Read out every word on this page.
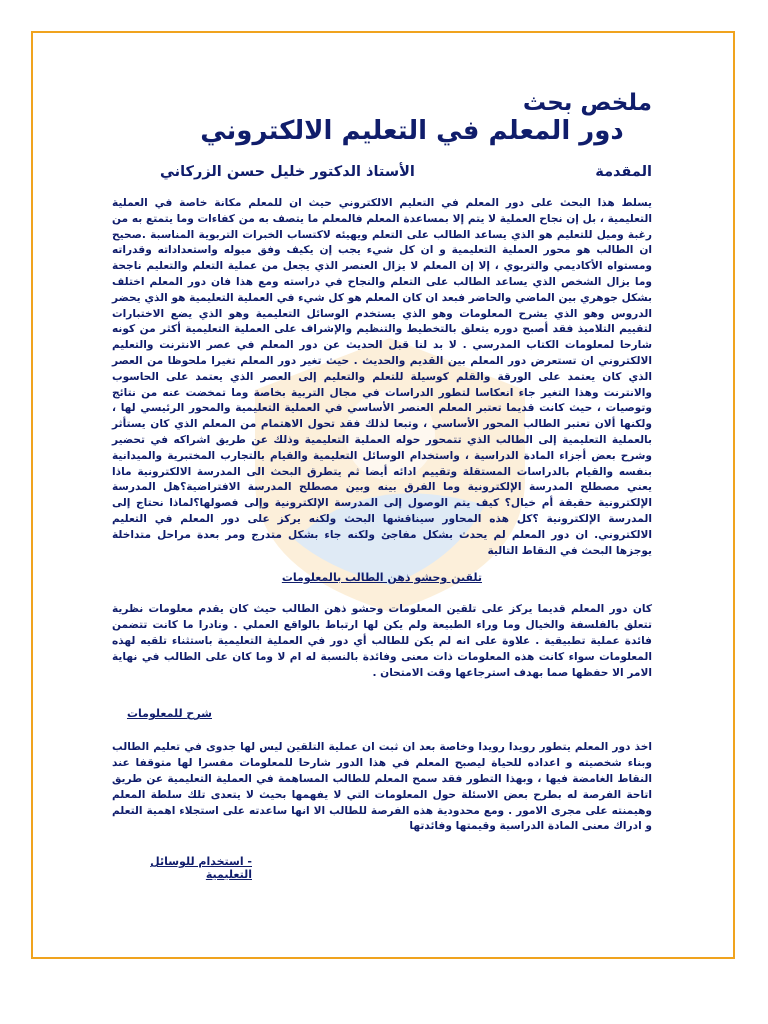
ملخص بحث
دور المعلم في التعليم الالكتروني
المقدمة
الأستاذ الدكتور خليل حسن الزركاني

يسلط هذا البحث على دور المعلم في التعليم الالكتروني حيث ان للمعلم مكانة خاصة في العملية التعليمية ، بل إن نجاح العملية لا يتم إلا بمساعدة المعلم فالمعلم ما يتصف به من كفاءات وما يتمتع به من رغبة وميل للتعليم هو الذي يساعد الطالب على التعلم ويهيئه لاكتساب الخبرات التربوية المناسبة .صحيح ان الطالب هو محور العملية التعليمية و ان كل شيء يجب إن يكيف وفق ميوله واستعداداته وقدراته ومستواه الأكاديمي والتربوي ، إلا إن المعلم لا يزال العنصر الذي يجعل من عملية التعلم والتعليم ناجحة وما يزال الشخص الذي يساعد الطالب على التعلم والنجاح في دراسته ومع هذا فان دور المعلم اختلف بشكل جوهري بين الماضي والحاضر فبعد ان كان المعلم هو كل شيء في العملية التعليمية هو الذي يحضر الدروس وهو الذي يشرح المعلومات وهو الذي يستخدم الوسائل التعليمية وهو الذي يضع الاختبارات لتقييم التلاميذ فقد أصبح دوره يتعلق بالتخطيط والتنظيم والإشراف على العملية التعليمية أكثر من كونه شارحا لمعلومات الكتاب المدرسي . لا بد لنا قبل الحديث عن دور المعلم في عصر الانترنت والتعليم الالكتروني ان تستعرض دور المعلم بين القديم والحديث . حيث تغير دور المعلم تغيرا ملحوظا من العصر الذي كان يعتمد على الورقة والقلم كوسيلة للتعلم والتعليم إلى العصر الذي يعتمد على الحاسوب والانترنت وهذا التغير جاء انعكاسا لتطور الدراسات في مجال التربية بخاصة وما تمخضت عنه من نتائج وتوصيات ، حيث كانت قديما تعتبر المعلم العنصر الأساسي في العملية التعليمية والمحور الرئيسي لها ، ولكنها ألان تعتبر الطالب المحور الأساسي ، وتبعا لذلك فقد تحول الاهتمام من المعلم الذي كان يستأثر بالعملية التعليمية إلى الطالب الذي تتمحور حوله العملية التعليمية وذلك عن طريق اشراكه في تحضير وشرح بعض أجزاء المادة الدراسية ، واستخدام الوسائل التعليمية والقيام بالتجارب المختبرية والميدانية بنفسه والقيام بالدراسات المستقلة وتقييم ادائه أيضا ثم يتطرق البحث الى المدرسة الالكترونية ماذا يعني مصطلح المدرسة الإلكترونية وما الفرق بينه وبين مصطلح المدرسة الافتراضية؟هل المدرسة الإلكترونية حقيقة أم خيال؟ كيف يتم الوصول إلى المدرسة الإلكترونية وإلى فصولها؟لماذا نحتاج إلى المدرسة الإلكترونية ؟كل هذه المحاور سيناقشها البحث ولكنه يركز على دور المعلم في التعليم الالكتروني. ان دور المعلم لم يحدث بشكل مفاجئ ولكنه جاء بشكل متدرج ومر بعدة مراحل متداخلة يوجزها البحث في النقاط التالية

تلقين وحشو ذهن الطالب بالمعلومات

كان دور المعلم قديما يركز على تلقين المعلومات وحشو ذهن الطالب حيث كان يقدم معلومات نظرية تتعلق بالفلسفة والخيال وما وراء الطبيعة ولم يكن لها ارتباط بالواقع العملي . ونادرا ما كانت تتضمن فائدة عملية تطبيقية . علاوة على انه لم يكن للطالب أي دور في العملية التعليمية باستثناء تلقيه لهذه المعلومات سواء كانت هذه المعلومات ذات معنى وفائدة بالنسبة له ام لا وما كان على الطالب في نهاية الامر الا حفظها صما بهدف استرجاعها وقت الامتحان .

شرح للمعلومات

اخذ دور المعلم يتطور رويدا رويدا وخاصة بعد ان ثبت ان عملية التلقين ليس لها جدوى في تعليم الطالب وبناء شخصيته و اعداده للحياة ليصبح المعلم في هذا الدور شارحا للمعلومات مفسرا لها متوقفا عند النقاط الغامضة فيها ، وبهذا التطور فقد سمح المعلم للطالب المساهمة في العملية التعليمية عن طريق اتاحة الفرصة له بطرح بعض الاسئلة حول المعلومات التي لا يفهمها بحيث لا يتعدى تلك سلطة المعلم وهيمنته على مجرى الامور . ومع محدودية هذه الفرصة للطالب الا انها ساعدته على استجلاء اهمية التعلم و ادراك معنى المادة الدراسية وقيمتها وفائدتها

- استخدام للوسائل التعليمية
